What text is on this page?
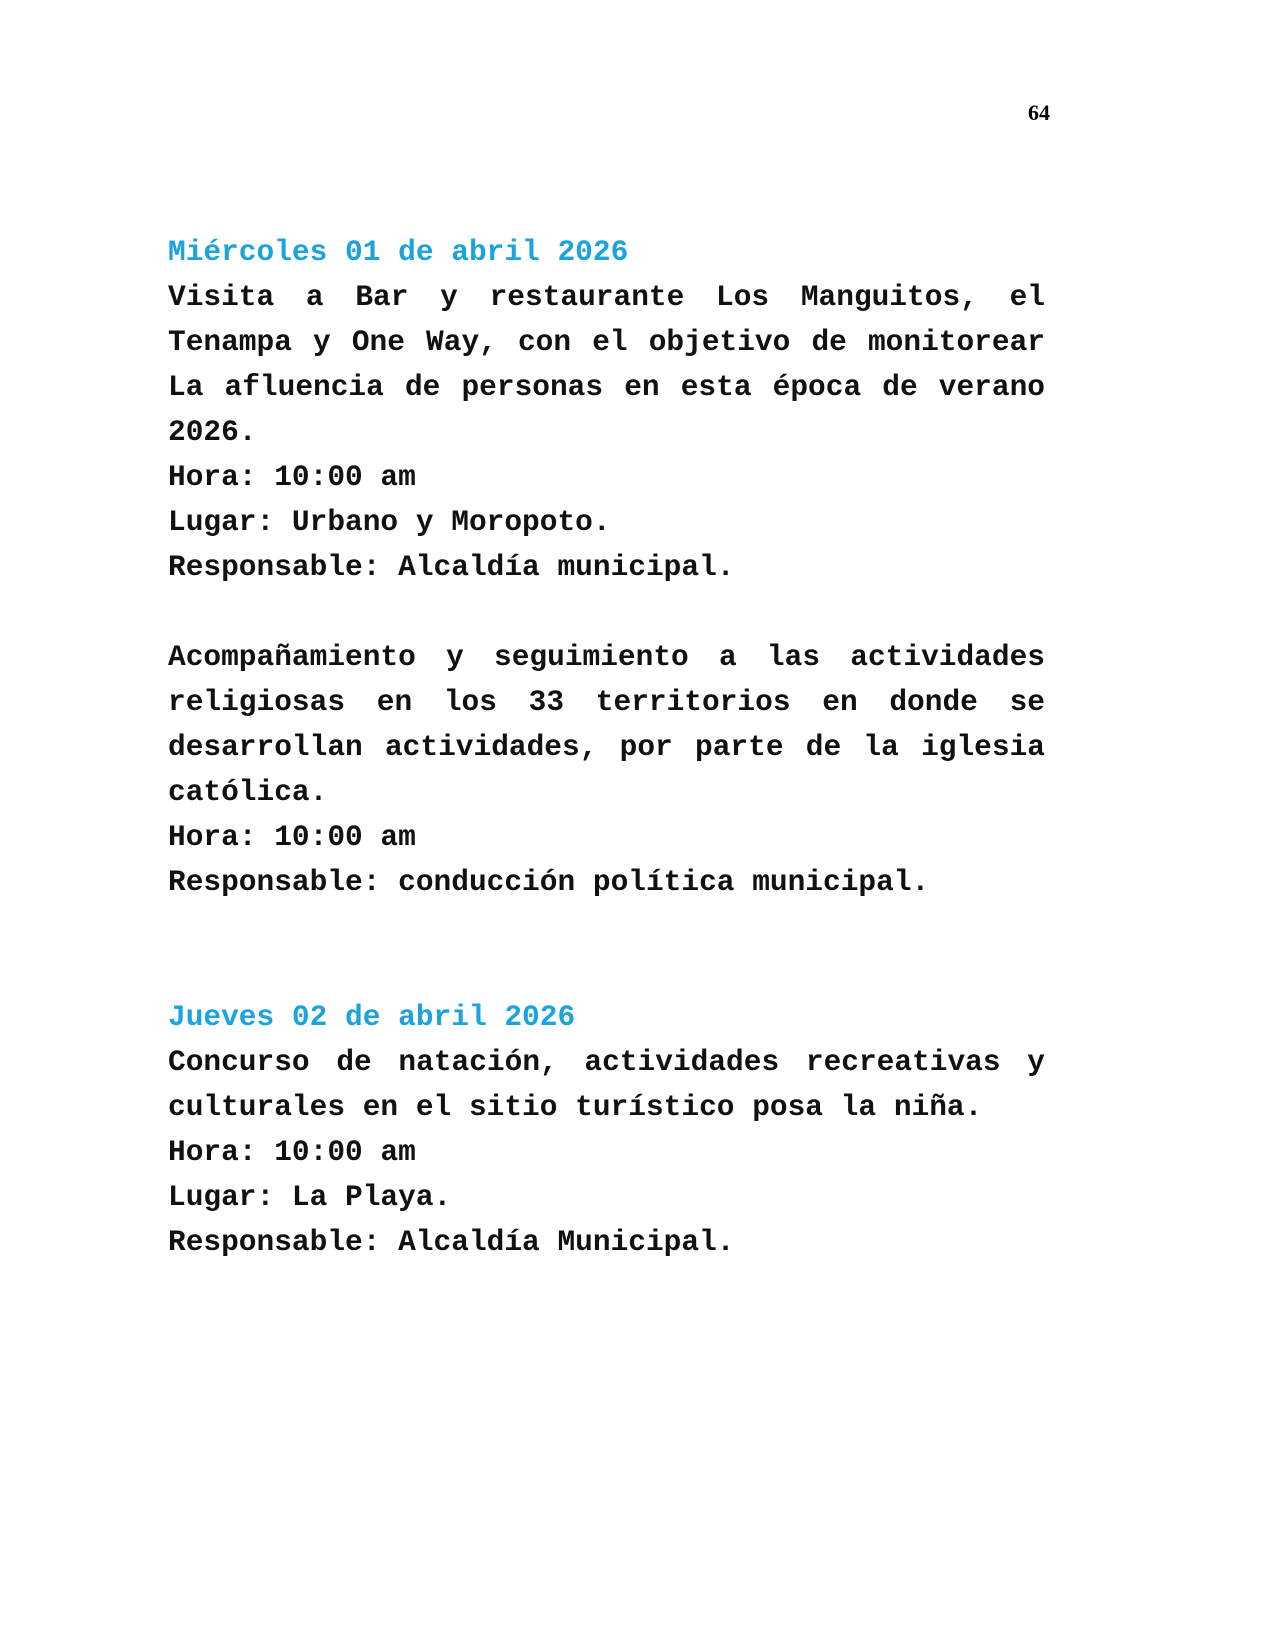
64
Miércoles 01 de abril 2026

Visita a Bar y restaurante Los Manguitos, el Tenampa y One Way, con el objetivo de monitorear La afluencia de personas en esta época de verano 2026.

Hora: 10:00 am

Lugar: Urbano y Moropoto.

Responsable: Alcaldía municipal.

Acompañamiento y seguimiento a las actividades religiosas en los 33 territorios en donde se desarrollan actividades, por parte de la iglesia católica.

Hora: 10:00 am

Responsable: conducción política municipal.

Jueves 02 de abril 2026

Concurso de natación, actividades recreativas y culturales en el sitio turístico posa la niña.

Hora: 10:00 am

Lugar: La Playa.

Responsable: Alcaldía Municipal.
